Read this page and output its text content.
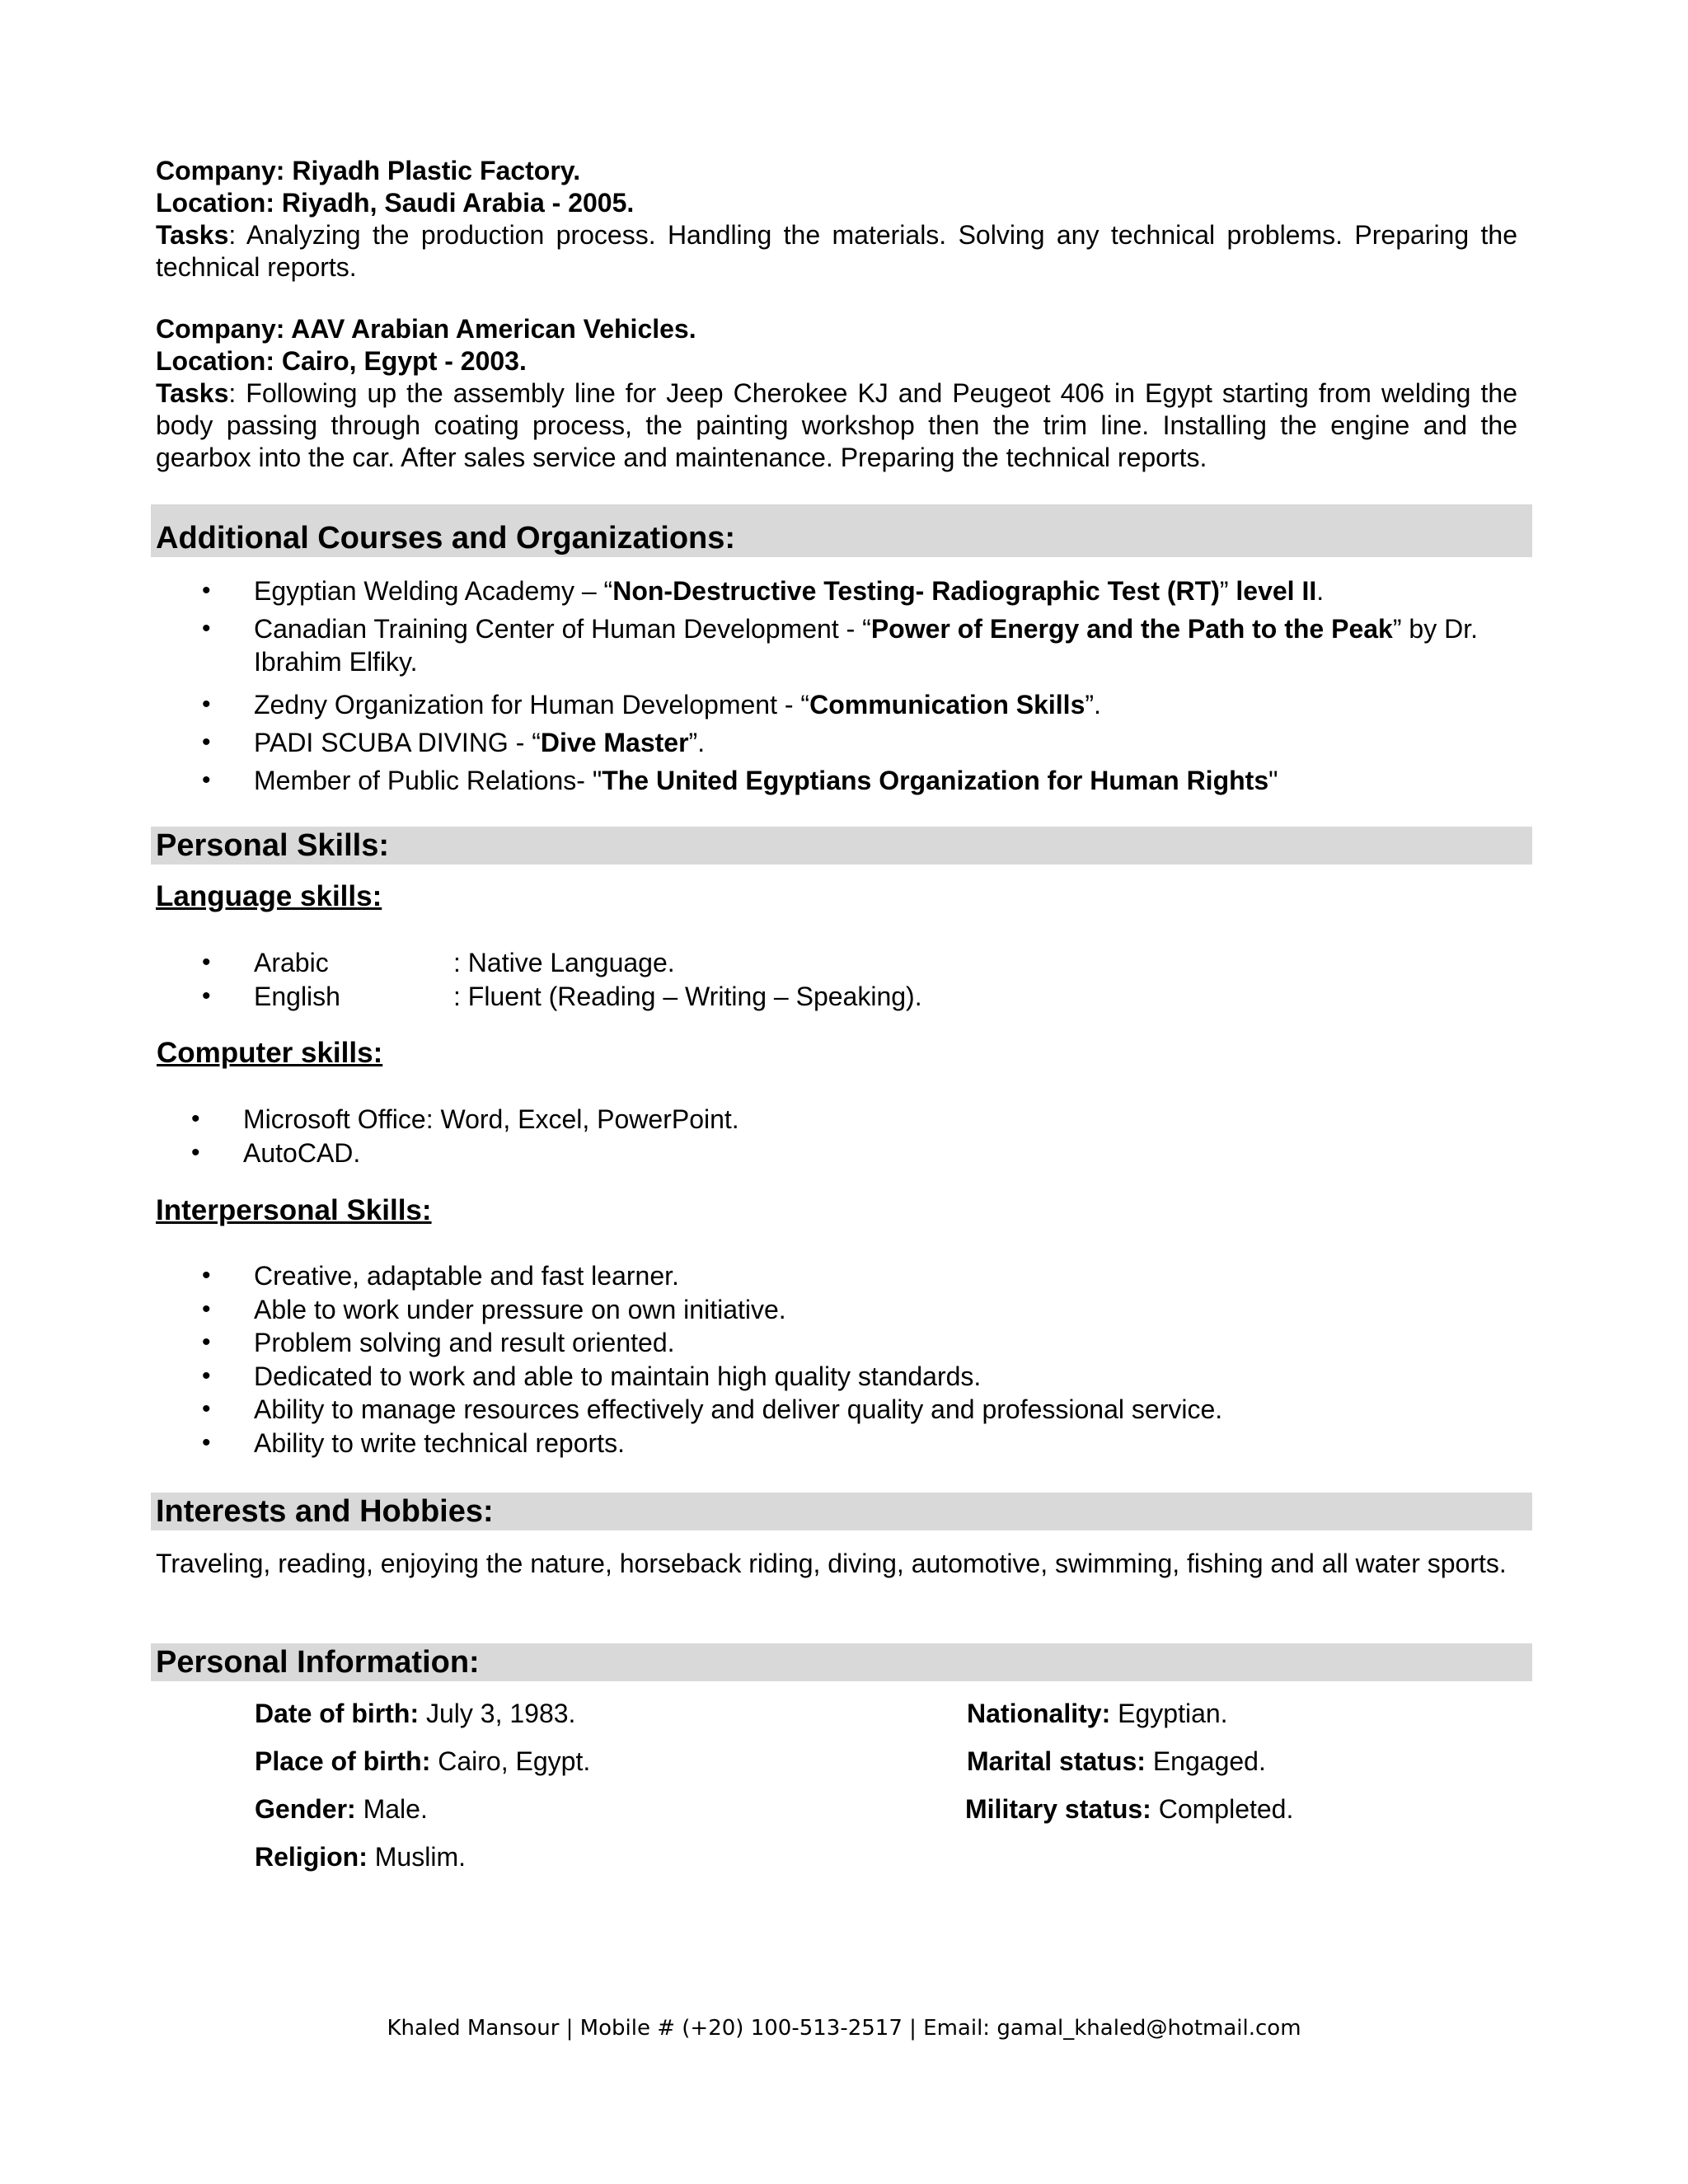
Company: Riyadh Plastic Factory.
Location: Riyadh, Saudi Arabia - 2005.
Tasks: Analyzing the production process. Handling the materials. Solving any technical problems. Preparing the technical reports.
Company: AAV Arabian American Vehicles.
Location: Cairo, Egypt - 2003.
Tasks: Following up the assembly line for Jeep Cherokee KJ and Peugeot 406 in Egypt starting from welding the body passing through coating process, the painting workshop then the trim line. Installing the engine and the gearbox into the car. After sales service and maintenance. Preparing the technical reports.
Additional Courses and Organizations:
• Egyptian Welding Academy – “Non-Destructive Testing- Radiographic Test (RT)” level II.
• Canadian Training Center of Human Development - “Power of Energy and the Path to the Peak” by Dr. Ibrahim Elfiky.
• Zedny Organization for Human Development - “Communication Skills”.
• PADI SCUBA DIVING - “Dive Master”.
• Member of Public Relations- "The United Egyptians Organization for Human Rights"
Personal Skills:
Language skills:
• Arabic	: Native Language.
• English	: Fluent (Reading – Writing – Speaking).
Computer skills:
• Microsoft Office: Word, Excel, PowerPoint.
• AutoCAD.
Interpersonal Skills:
• Creative, adaptable and fast learner.
• Able to work under pressure on own initiative.
• Problem solving and result oriented.
• Dedicated to work and able to maintain high quality standards.
• Ability to manage resources effectively and deliver quality and professional service.
• Ability to write technical reports.
Interests and Hobbies:
Traveling, reading, enjoying the nature, horseback riding, diving, automotive, swimming, fishing and all water sports.
Personal Information:
Date of birth: July 3, 1983.
Place of birth: Cairo, Egypt.
Gender: Male.
Religion: Muslim.
Nationality: Egyptian.
Marital status: Engaged.
Military status: Completed.
Khaled Mansour | Mobile # (+20) 100-513-2517 | Email: gamal_khaled@hotmail.com
